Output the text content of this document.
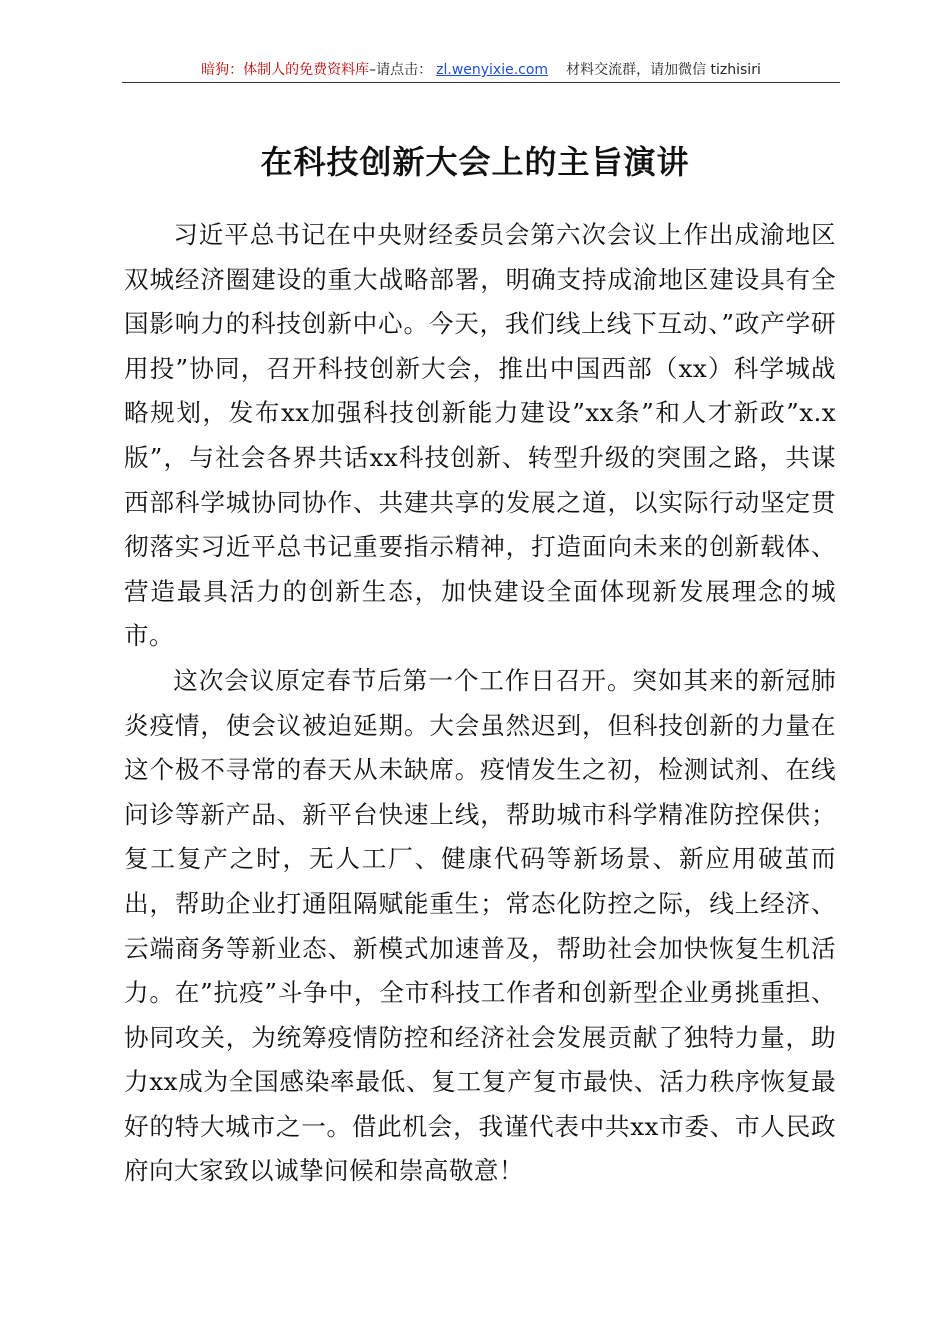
暗狗：体制人的免费资料库–请点击： zl.wenyixie.com 材料交流群，请加微信 tizhisiri
在科技创新大会上的主旨演讲

习近平总书记在中央财经委员会第六次会议上作出成渝地区双城经济圈建设的重大战略部署，明确支持成渝地区建设具有全国影响力的科技创新中心。今天，我们线上线下互动、”政产学研用投”协同，召开科技创新大会，推出中国西部（xx）科学城战略规划，发布xx加强科技创新能力建设”xx条”和人才新政”x.x版”，与社会各界共话xx科技创新、转型升级的突围之路，共谋西部科学城协同协作、共建共享的发展之道，以实际行动坚定贯彻落实习近平总书记重要指示精神，打造面向未来的创新载体、营造最具活力的创新生态，加快建设全面体现新发展理念的城市。

这次会议原定春节后第一个工作日召开。突如其来的新冠肺炎疫情，使会议被迫延期。大会虽然迟到，但科技创新的力量在这个极不寻常的春天从未缺席。疫情发生之初，检测试剂、在线问诊等新产品、新平台快速上线，帮助城市科学精准防控保供；复工复产之时，无人工厂、健康代码等新场景、新应用破茧而出，帮助企业打通阻隔赋能重生；常态化防控之际，线上经济、云端商务等新业态、新模式加速普及，帮助社会加快恢复生机活力。在”抗疫”斗争中，全市科技工作者和创新型企业勇挑重担、协同攻关，为统筹疫情防控和经济社会发展贡献了独特力量，助力xx成为全国感染率最低、复工复产复市最快、活力秩序恢复最好的特大城市之一。借此机会，我谨代表中共xx市委、市人民政府向大家致以诚挚问候和崇高敬意！
